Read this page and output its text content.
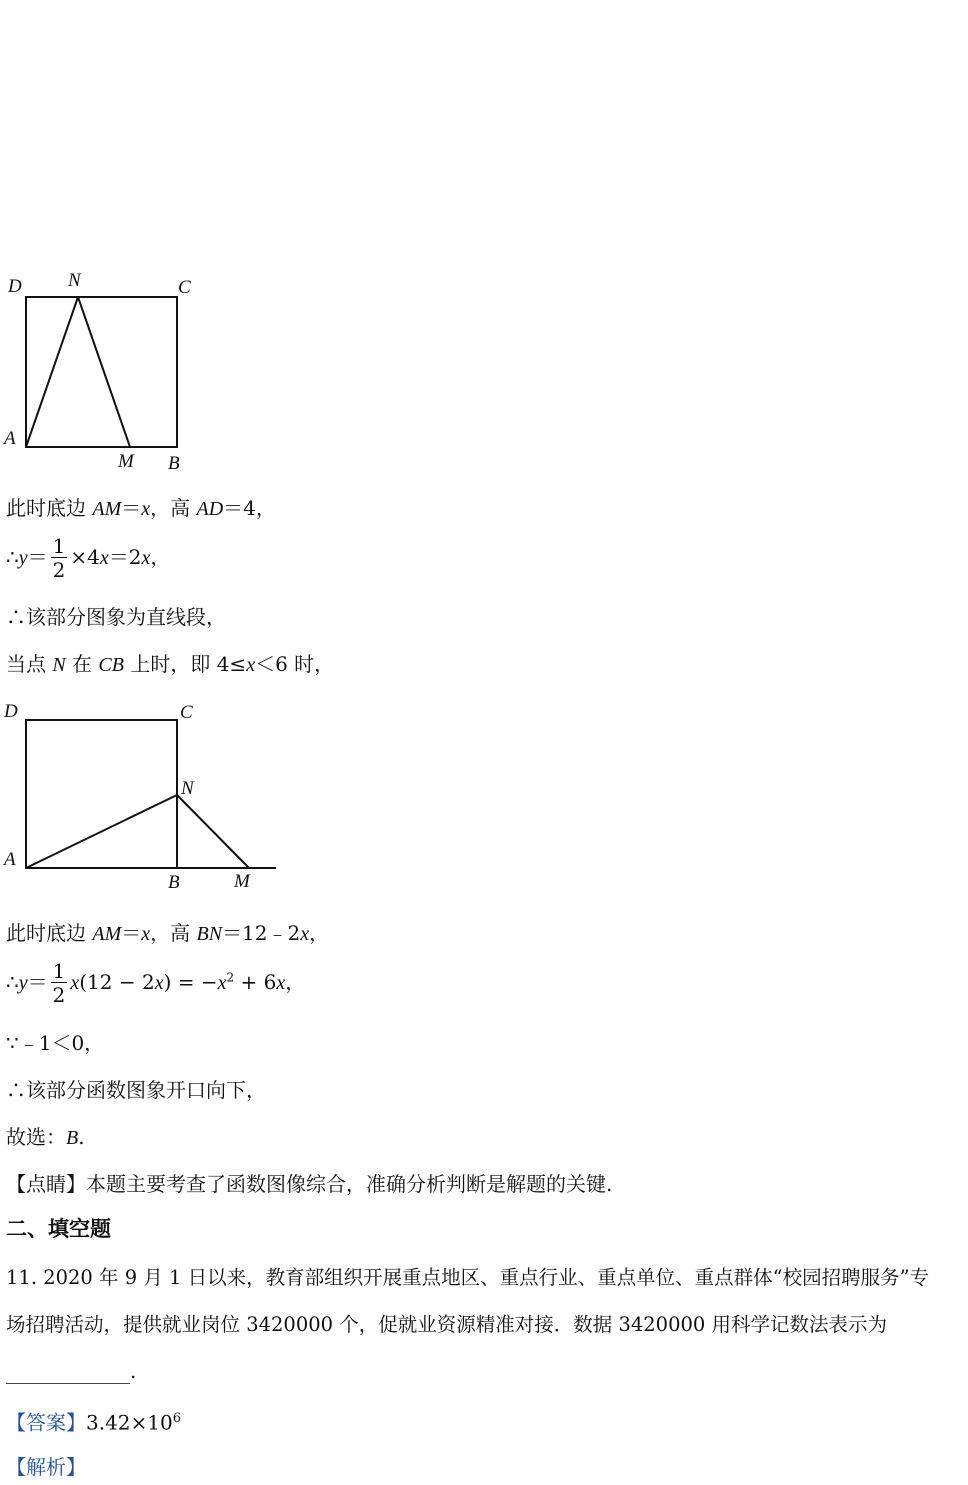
D N	C
A
M B
此时底边 AM＝x，高 AD＝4，
∴y＝ $\frac{1}{2} \times 4x=2x$，
∴该部分图象为直线段，
当点 N 在 CB 上时，即 4≤x＜6 时，
D	C
N
A
B	M
此时底边 AM＝x，高 BN＝12﹣2x，
∴y＝ $\frac{1}{2} x(12 - 2x) = -x^2 + 6x$，
∵﹣1＜0，
∴该部分函数图象开口向下，
故选：B.
【点睛】本题主要考查了函数图像综合，准确分析判断是解题的关键.
二、填空题
11. 2020 年 9 月 1 日以来，教育部组织开展重点地区、重点行业、重点单位、重点群体“校园招聘服务”专
场招聘活动，提供就业岗位 3420000 个，促就业资源精准对接．数据 3420000 用科学记数法表示为
.
【答案】$3.42\times 10^6$
【解析】
